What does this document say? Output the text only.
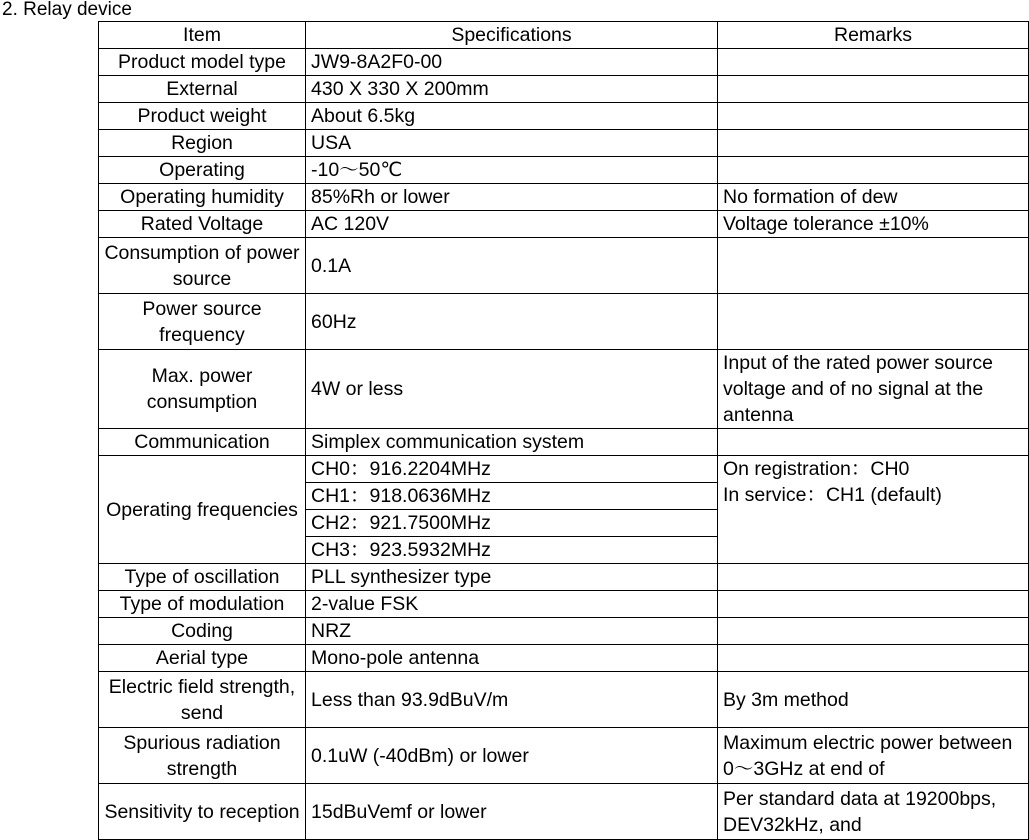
2. Relay device
Item	Specifications	Remarks
Product model type	JW9-8A2F0-00	
External	430 X 330 X 200mm	
Product weight	About 6.5kg	
Region	USA	
Operating	-10～50℃	
Operating humidity	85%Rh or lower	No formation of dew
Rated Voltage	AC 120V	Voltage tolerance ±10%
Consumption of power source	0.1A	
Power source frequency	60Hz	
Max. power consumption	4W or less	Input of the rated power source voltage and of no signal at the antenna
Communication	Simplex communication system	
Operating frequencies	CH0：916.2204MHz	On registration：CH0
In service：CH1 (default)

	CH1：918.0636MHz	
	CH2：921.7500MHz	
	CH3：923.5932MHz	
Type of oscillation	PLL synthesizer type	
Type of modulation	2-value FSK	
Coding	NRZ	
Aerial type	Mono-pole antenna	
Electric field strength, send	Less than 93.9dBuV/m	By 3m method
Spurious radiation strength	0.1uW (-40dBm) or lower	Maximum electric power between 0～3GHz at end of
Sensitivity to reception	15dBuVemf or lower	Per standard data at 19200bps, DEV32kHz, and
